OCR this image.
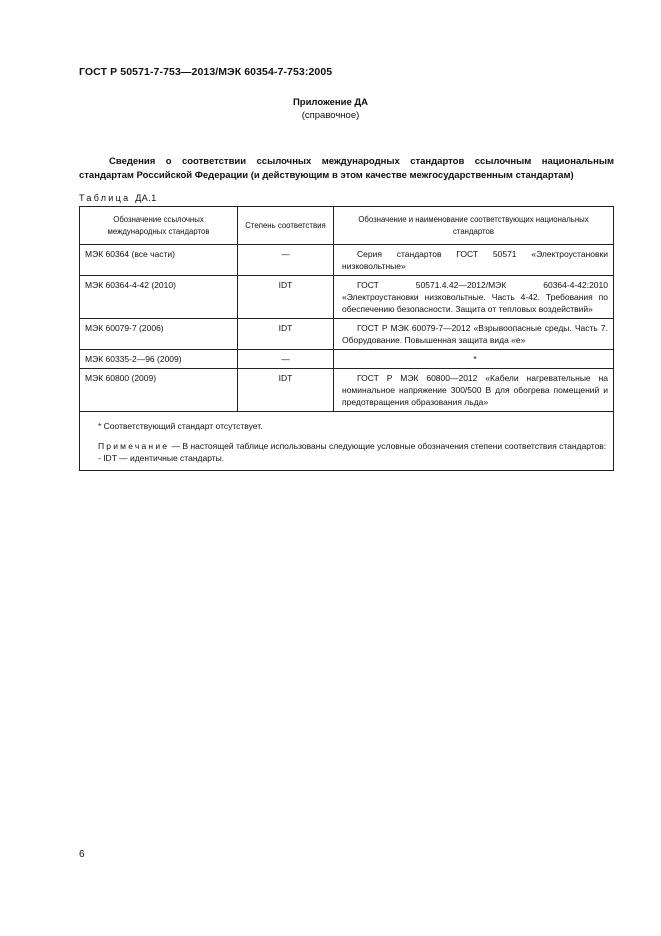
ГОСТ Р 50571-7-753—2013/МЭК 60354-7-753:2005
Приложение ДА
(справочное)
Сведения о соответствии ссылочных международных стандартов ссылочным национальным стандартам Российской Федерации (и действующим в этом качестве межгосударственным стандартам)
Таблица ДА.1
Обозначение ссылочных международных стандартов	Степень соответствия	Обозначение и наименование соответствующих национальных стандартов
МЭК 60364 (все части)	—	Серия стандартов ГОСТ 50571 «Электроустановки низковольтные»
МЭК 60364-4-42 (2010)	IDT	ГОСТ 50571.4.42—2012/МЭК 60364-4-42:2010 «Электроустановки низковольтные. Часть 4-42. Требования по обеспечению безопасности. Защита от тепловых воздействий»
МЭК 60079-7 (2006)	IDT	ГОСТ Р МЭК 60079-7—2012 «Взрывоопасные среды. Часть 7. Оборудование. Повышенная защита вида «е»
МЭК 60335-2—96 (2009)	—	*
МЭК 60800 (2009)	IDT	ГОСТ Р МЭК 60800—2012 «Кабели нагревательные на номинальное напряжение 300/500 В для обогрева помещений и предотвращения образования льда»

* Соответствующий стандарт отсутствует.
Примечание — В настоящей таблице использованы следующие условные обозначения степени соответствия стандартов:
- IDT — идентичные стандарты.		
6
